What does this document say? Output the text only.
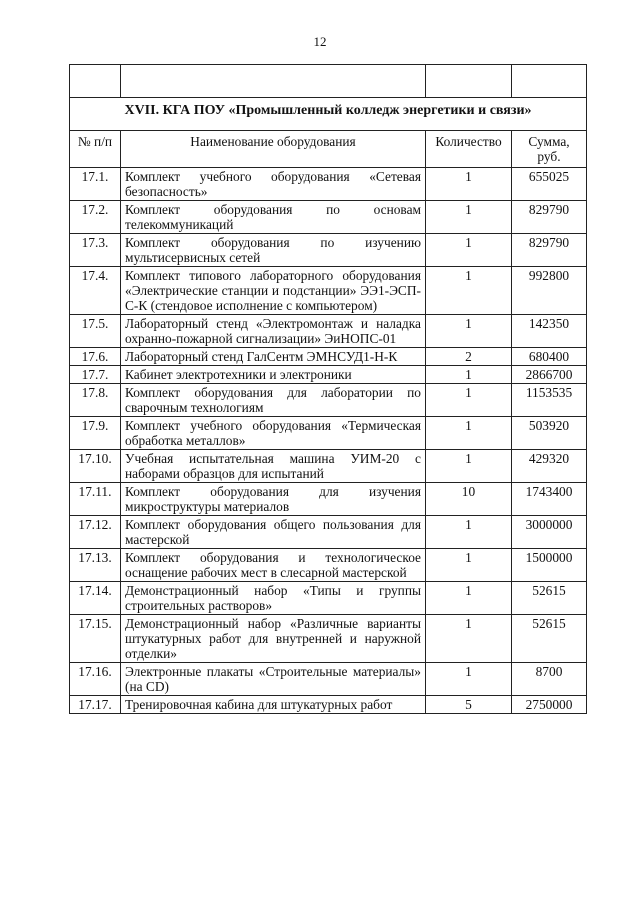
12

XVII. КГА ПОУ «Промышленный колледж энергетики и связи»			
№ п/п	Наименование оборудования	Количество	Сумма, руб.
17.1.	Комплект учебного оборудования «Сетевая безопасность»	1	655025
17.2.	Комплект оборудования по основам телекоммуникаций	1	829790
17.3.	Комплект оборудования по изучению мультисервисных сетей	1	829790
17.4.	Комплект типового лабораторного оборудования «Электрические станции и подстанции» ЭЭ1-ЭСП-С-К (стендовое исполнение с компьютером)	1	992800
17.5.	Лабораторный стенд «Электромонтаж и наладка охранно-пожарной сигнализации» ЭиНОПС-01	1	142350
17.6.	Лабораторный стенд ГалСентм ЭМНСУД1-Н-К	2	680400
17.7.	Кабинет электротехники и электроники	1	2866700
17.8.	Комплект оборудования для лаборатории по сварочным технологиям	1	1153535
17.9.	Комплект учебного оборудования «Термическая обработка металлов»	1	503920
17.10.	Учебная испытательная машина УИМ-20 с наборами образцов для испытаний	1	429320
17.11.	Комплект оборудования для изучения микроструктуры материалов	10	1743400
17.12.	Комплект оборудования общего пользования для мастерской	1	3000000
17.13.	Комплект оборудования и технологическое оснащение рабочих мест в слесарной мастерской	1	1500000
17.14.	Демонстрационный набор «Типы и группы строительных растворов»	1	52615
17.15.	Демонстрационный набор «Различные варианты штукатурных работ для внутренней и наружной отделки»	1	52615
17.16.	Электронные плакаты «Строительные материалы» (на CD)	1	8700
17.17.	Тренировочная кабина для штукатурных работ	5	2750000
